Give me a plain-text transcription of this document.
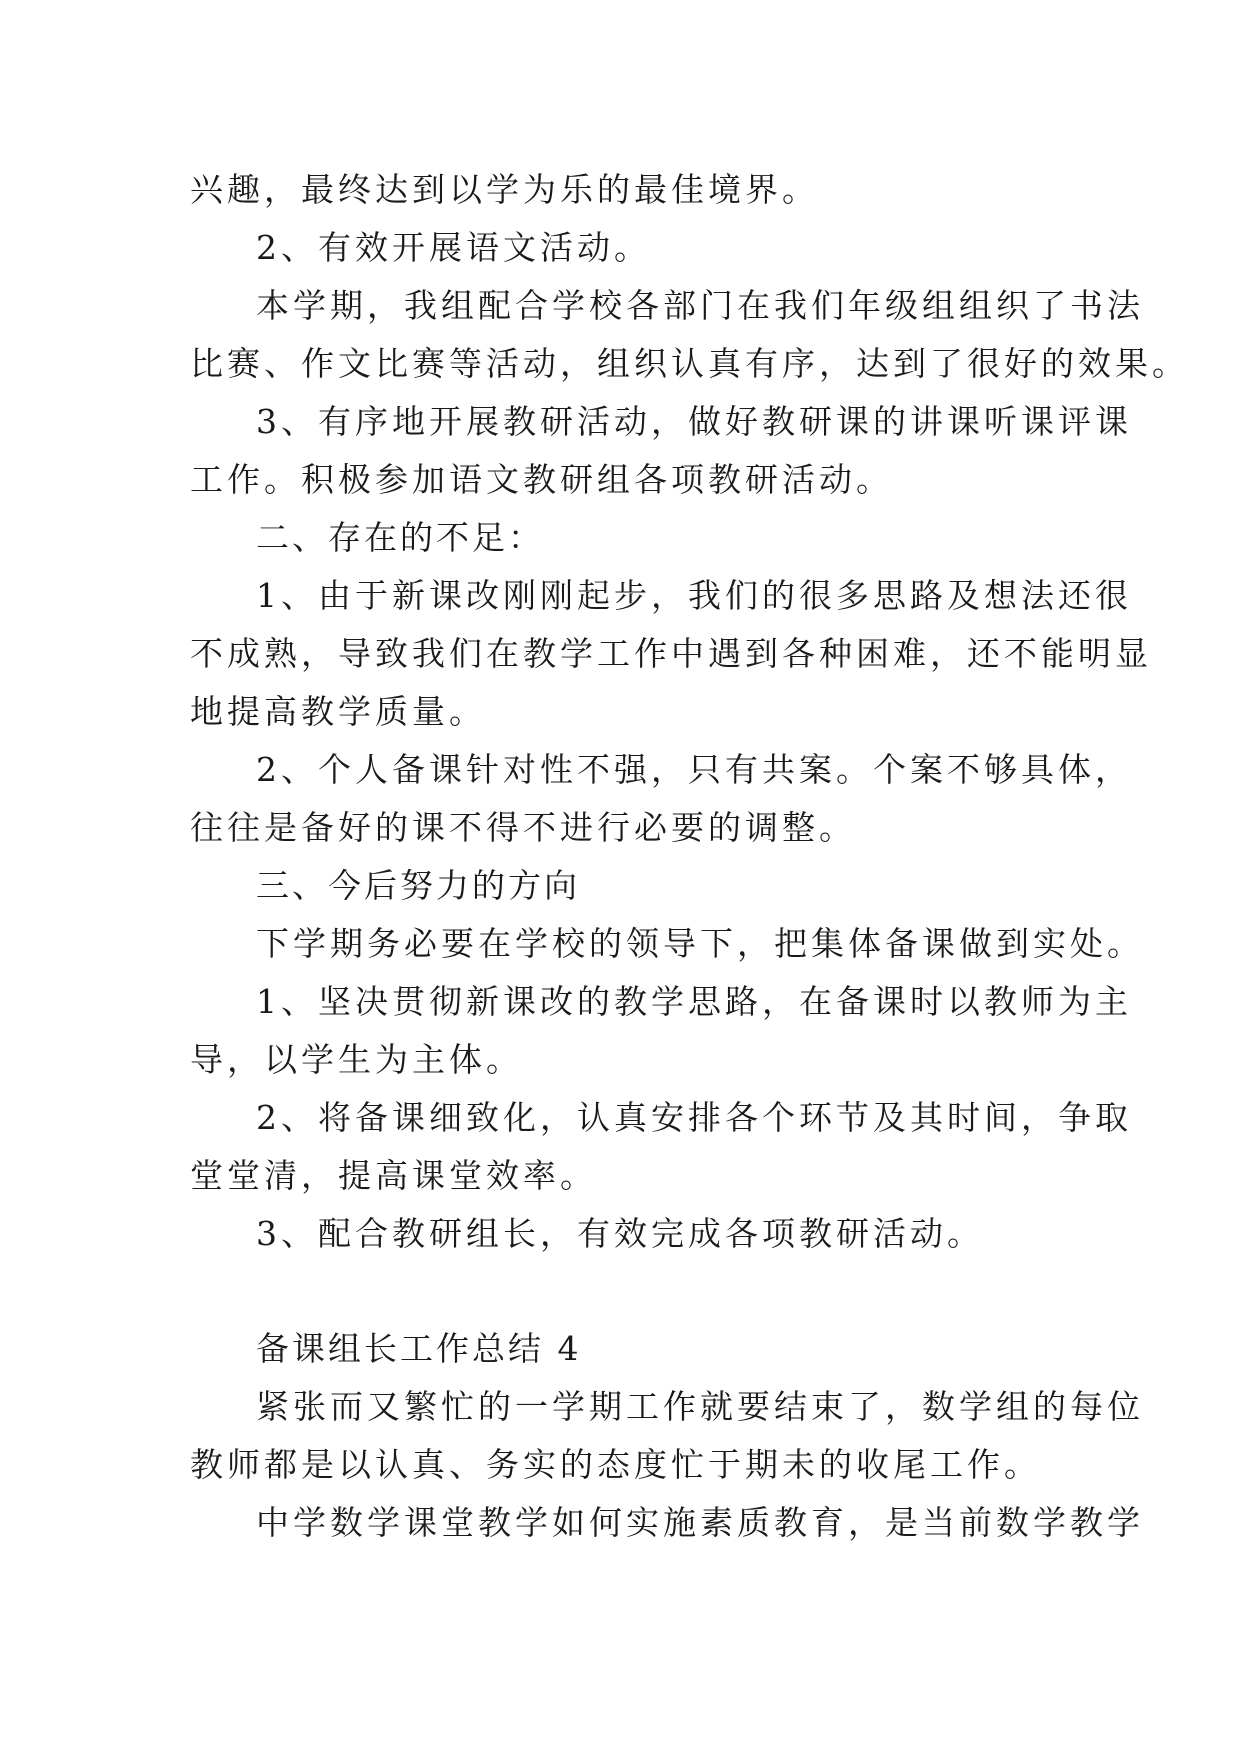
兴趣，最终达到以学为乐的最佳境界。
2、有效开展语文活动。
本学期，我组配合学校各部门在我们年级组组织了书法
比赛、作文比赛等活动，组织认真有序，达到了很好的效果。
3、有序地开展教研活动，做好教研课的讲课听课评课
工作。积极参加语文教研组各项教研活动。
二、存在的不足：
1、由于新课改刚刚起步，我们的很多思路及想法还很
不成熟，导致我们在教学工作中遇到各种困难，还不能明显
地提高教学质量。
2、个人备课针对性不强，只有共案。个案不够具体，
往往是备好的课不得不进行必要的调整。
三、今后努力的方向
下学期务必要在学校的领导下，把集体备课做到实处。
1、坚决贯彻新课改的教学思路，在备课时以教师为主
导，以学生为主体。
2、将备课细致化，认真安排各个环节及其时间，争取
堂堂清，提高课堂效率。
3、配合教研组长，有效完成各项教研活动。
备课组长工作总结 4
紧张而又繁忙的一学期工作就要结束了，数学组的每位
教师都是以认真、务实的态度忙于期未的收尾工作。
中学数学课堂教学如何实施素质教育，是当前数学教学
